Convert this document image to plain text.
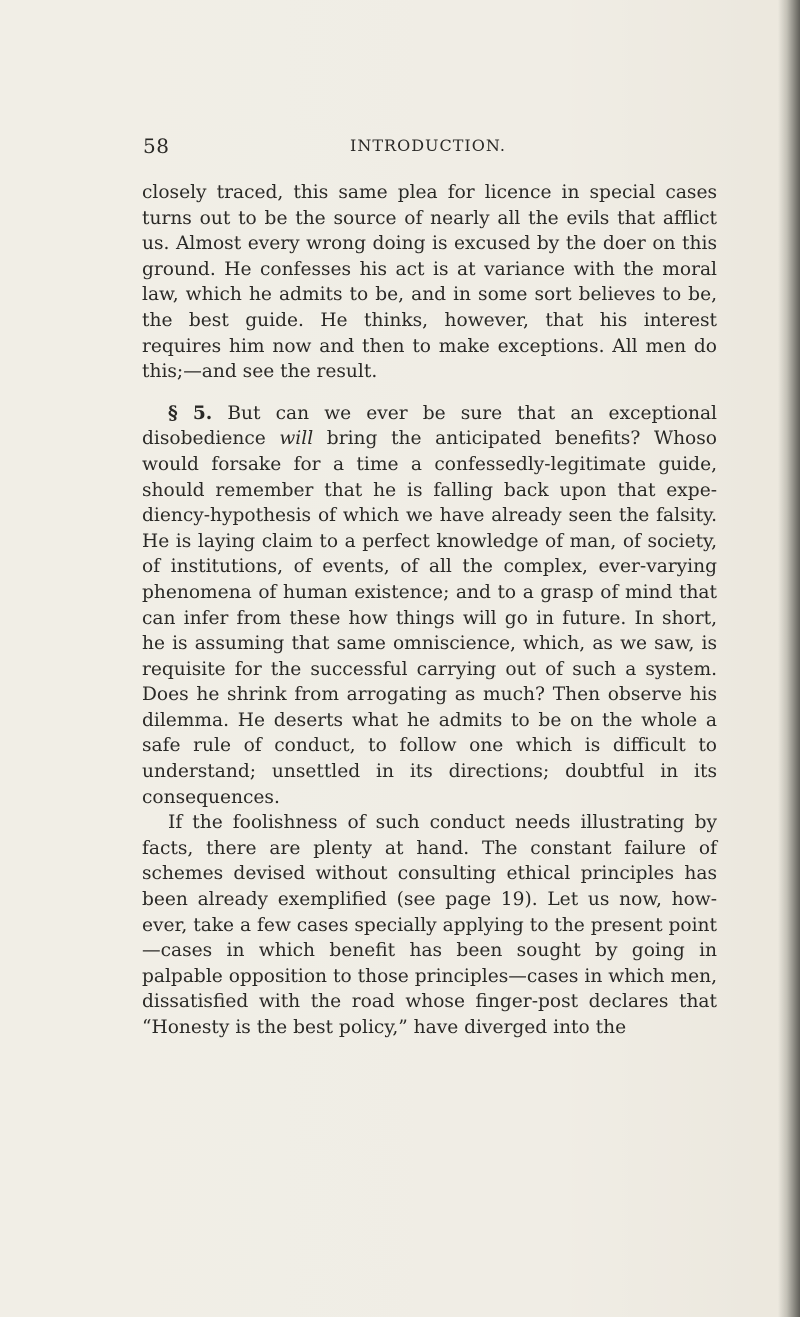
58	INTRODUCTION.

closely traced, this same plea for licence in special cases turns out to be the source of nearly all the evils that afflict us. Almost every wrong doing is excused by the doer on this ground. He confesses his act is at variance with the moral law, which he admits to be, and in some sort believes to be, the best guide. He thinks, however, that his interest requires him now and then to make exceptions. All men do this;—and see the result.

§ 5. But can we ever be sure that an exceptional disobedience will bring the anticipated benefits? Whoso would forsake for a time a confessedly-legitimate guide, should remember that he is falling back upon that expediency-hypothesis of which we have already seen the falsity. He is laying claim to a perfect knowledge of man, of society, of institutions, of events, of all the complex, ever-varying phenomena of human existence; and to a grasp of mind that can infer from these how things will go in future. In short, he is assuming that same omniscience, which, as we saw, is requisite for the successful carrying out of such a system. Does he shrink from arrogating as much? Then observe his dilemma. He deserts what he admits to be on the whole a safe rule of conduct, to follow one which is difficult to understand; unsettled in its directions; doubtful in its consequences.

If the foolishness of such conduct needs illustrating by facts, there are plenty at hand. The constant failure of schemes devised without consulting ethical principles has been already exemplified (see page 19). Let us now, however, take a few cases specially applying to the present point—cases in which benefit has been sought by going in palpable opposition to those principles—cases in which men, dissatisfied with the road whose finger-post declares that “Honesty is the best policy,” have diverged into the
